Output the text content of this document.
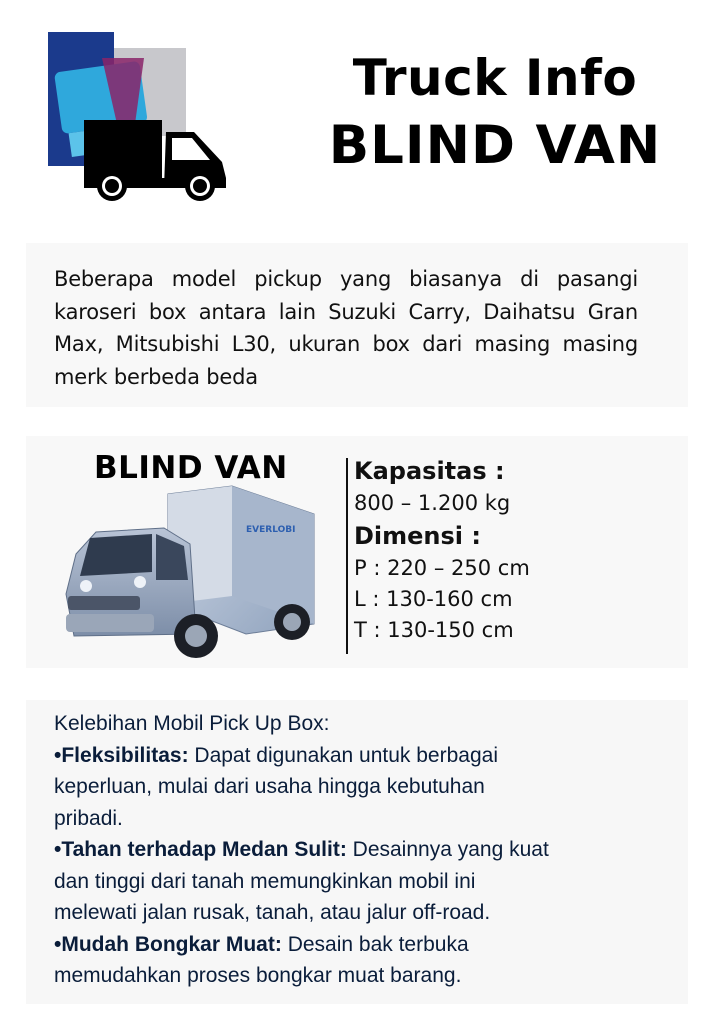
Truck Info
BLIND VAN

Beberapa model pickup yang biasanya di pasangi karoseri box antara lain Suzuki Carry, Daihatsu Gran Max, Mitsubishi L30, ukuran box dari masing masing merk berbeda beda

BLIND VAN
EVERLOBI
Kapasitas :
800 – 1.200 kg
Dimensi :
P : 220 – 250 cm
L : 130-160 cm
T : 130-150 cm
Kelebihan Mobil Pick Up Box:
•Fleksibilitas: Dapat digunakan untuk berbagai
keperluan, mulai dari usaha hingga kebutuhan
pribadi.
•Tahan terhadap Medan Sulit: Desainnya yang kuat
dan tinggi dari tanah memungkinkan mobil ini
melewati jalan rusak, tanah, atau jalur off-road.
•Mudah Bongkar Muat: Desain bak terbuka
memudahkan proses bongkar muat barang.
